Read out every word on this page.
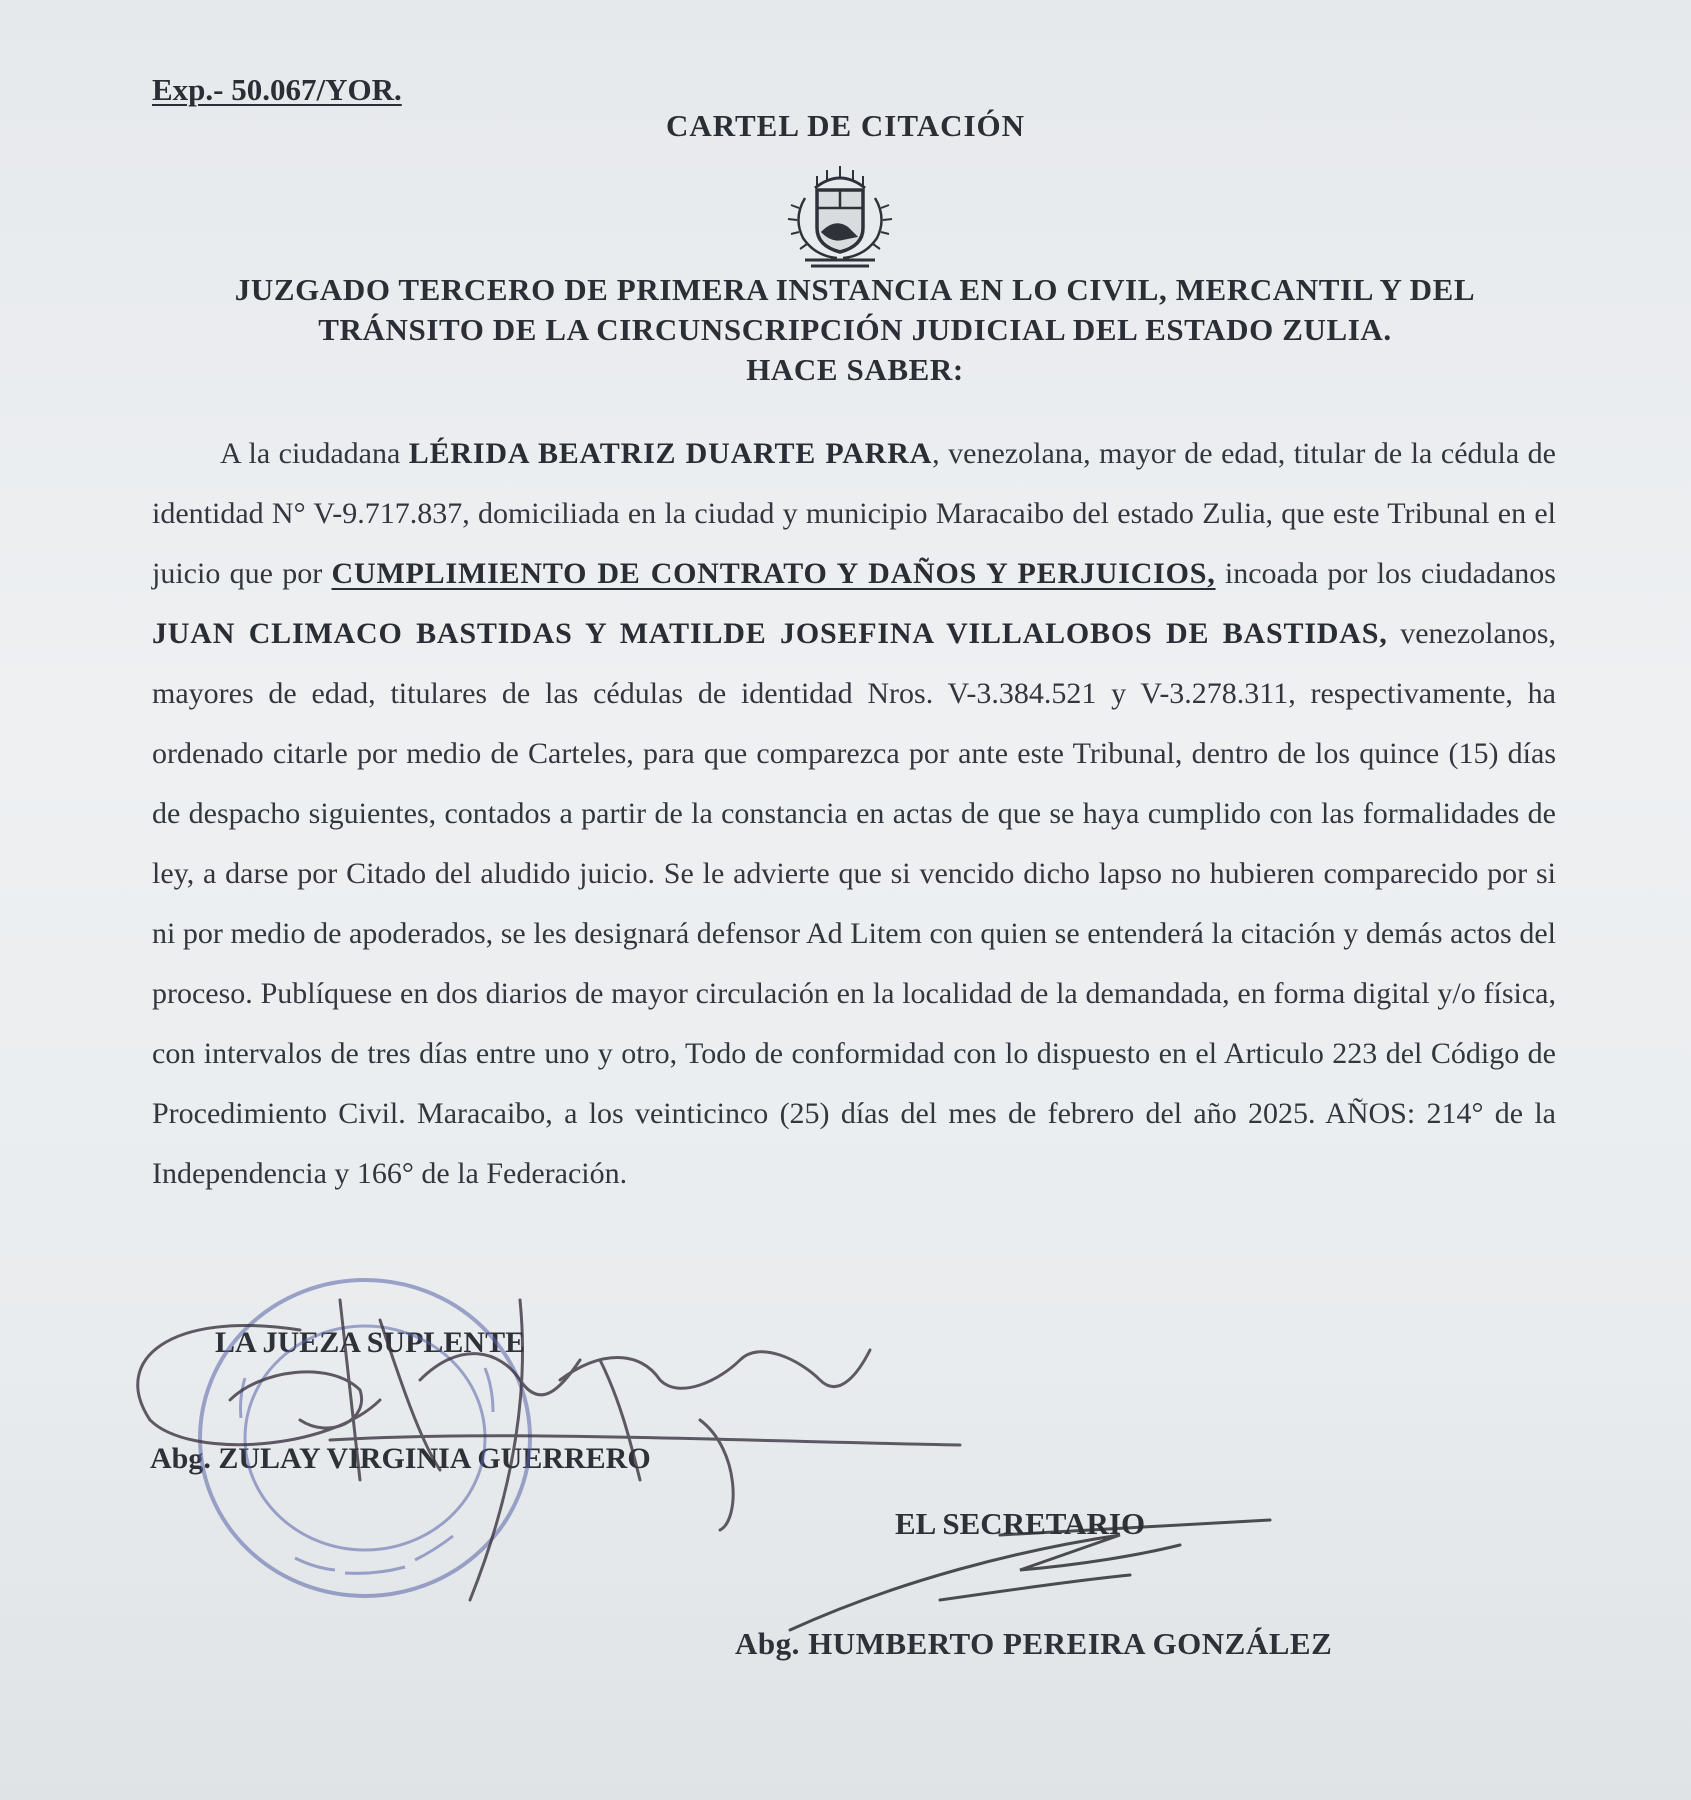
Exp.- 50.067/YOR.
CARTEL DE CITACIÓN
JUZGADO TERCERO DE PRIMERA INSTANCIA EN LO CIVIL, MERCANTIL Y DEL
TRÁNSITO DE LA CIRCUNSCRIPCIÓN JUDICIAL DEL ESTADO ZULIA.
HACE SABER:

A la ciudadana LÉRIDA BEATRIZ DUARTE PARRA, venezolana, mayor de edad, titular de la cédula de identidad N° V-9.717.837, domiciliada en la ciudad y municipio Maracaibo del estado Zulia, que este Tribunal en el juicio que por CUMPLIMIENTO DE CONTRATO Y DAÑOS Y PERJUICIOS, incoada por los ciudadanos JUAN CLIMACO BASTIDAS Y MATILDE JOSEFINA VILLALOBOS DE BASTIDAS, venezolanos, mayores de edad, titulares de las cédulas de identidad Nros. V-3.384.521 y V-3.278.311, respectivamente, ha ordenado citarle por medio de Carteles, para que comparezca por ante este Tribunal, dentro de los quince (15) días de despacho siguientes, contados a partir de la constancia en actas de que se haya cumplido con las formalidades de ley, a darse por Citado del aludido juicio. Se le advierte que si vencido dicho lapso no hubieren comparecido por si ni por medio de apoderados, se les designará defensor Ad Litem con quien se entenderá la citación y demás actos del proceso. Publíquese en dos diarios de mayor circulación en la localidad de la demandada, en forma digital y/o física, con intervalos de tres días entre uno y otro, Todo de conformidad con lo dispuesto en el Articulo 223 del Código de Procedimiento Civil. Maracaibo, a los veinticinco (25) días del mes de febrero del año 2025. AÑOS: 214° de la Independencia y 166° de la Federación.

LA JUEZA SUPLENTE
Abg. ZULAY VIRGINIA GUERRERO
EL SECRETARIO
Abg. HUMBERTO PEREIRA GONZÁLEZ
